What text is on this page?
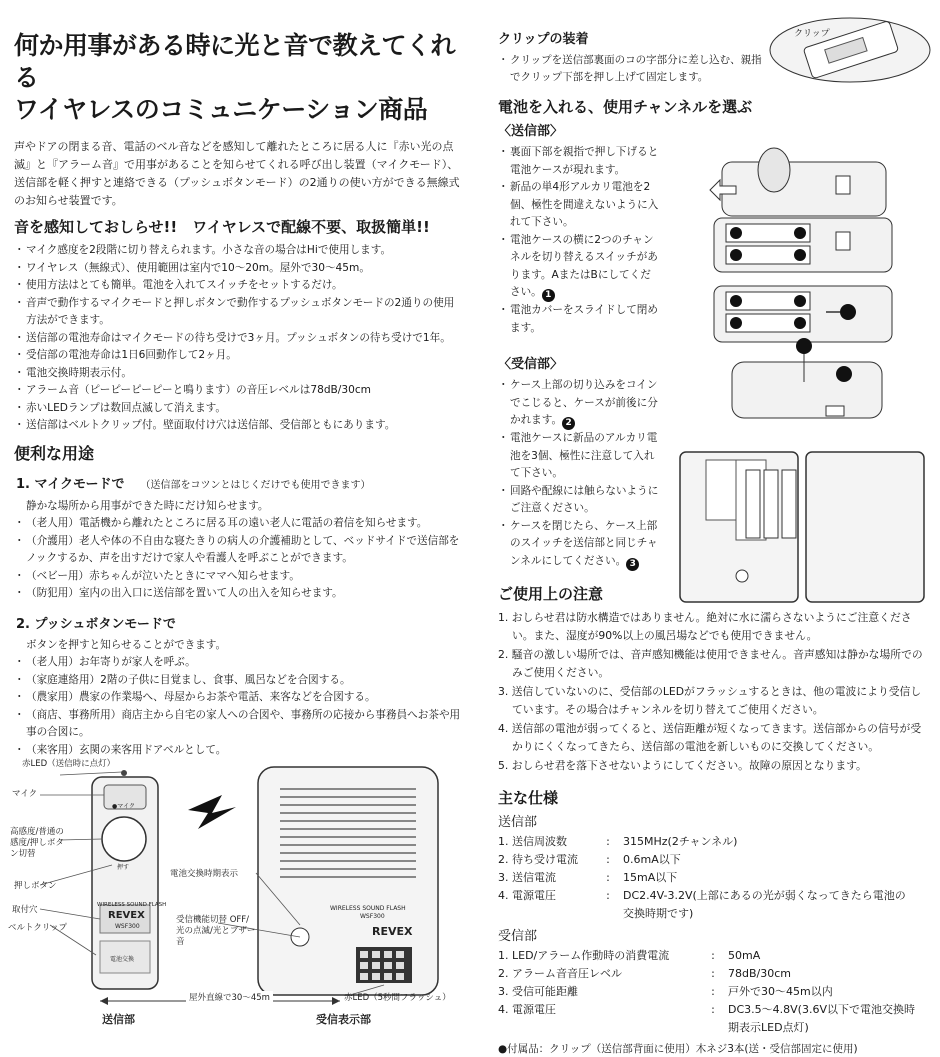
何か用事がある時に光と音で教えてくれる
ワイヤレスのコミュニケーション商品

声やドアの閉まる音、電話のベル音などを感知して離れたところに居る人に『赤い光の点滅』と『アラーム音』で用事があることを知らせてくれる呼び出し装置（マイクモード）、送信部を軽く押すと連絡できる（プッシュボタンモード）の2通りの使い方ができる無線式のお知らせ装置です。

音を感知しておしらせ!!　ワイヤレスで配線不要、取扱簡単!!
・ マイク感度を2段階に切り替えられます。小さな音の場合はHiで使用します。
・ ワイヤレス（無線式）、使用範囲は室内で10～20m。屋外で30～45m。
・ 使用方法はとても簡単。電池を入れてスイッチをセットするだけ。
・ 音声で動作するマイクモードと押しボタンで動作するプッシュボタンモードの2通りの使用方法ができます。
・ 送信部の電池寿命はマイクモードの待ち受けで3ヶ月。プッシュボタンの待ち受けで1年。
・ 受信部の電池寿命は1日6回動作して2ヶ月。
・ 電池交換時期表示付。
・ アラーム音（ピーピーピーピーと鳴ります）の音圧レベルは78dB/30cm
・ 赤いLEDランプは数回点滅して消えます。
・ 送信部はベルトクリップ付。壁面取付け穴は送信部、受信部ともにあります。
便利な用途
1. マイクモードで （送信部をコツンとはじくだけでも使用できます）

静かな場所から用事ができた時にだけ知らせます。

・ （老人用）電話機から離れたところに居る耳の遠い老人に電話の着信を知らせます。
・ （介護用）老人や体の不自由な寝たきりの病人の介護補助として、ベッドサイドで送信部をノックするか、声を出すだけで家人や看護人を呼ぶことができます。
・ （ベビー用）赤ちゃんが泣いたときにママへ知らせます。
・ （防犯用）室内の出入口に送信部を置いて人の出入を知らせます。
2. プッシュボタンモードで

ボタンを押すと知らせることができます。

・ （老人用）お年寄りが家人を呼ぶ。
・ （家庭連絡用）2階の子供に目覚まし、食事、風呂などを合図する。
・ （農家用）農家の作業場へ、母屋からお茶や電話、来客などを合図する。
・ （商店、事務所用）商店主から自宅の家人への合図や、事務所の応接から事務員へお茶や用事の合図に。
・ （来客用）玄関の来客用ドアベルとして。
赤LED（送信時に点灯）
マイク
高感度/普通の感度/押しボタン切替
押しボタン
取付穴
ベルトクリップ
●マイク
押す
WIRELESS SOUND FLASH
REVEX
WSF300
電池交換
電池交換時期表示
受信機能切替 OFF/光の点滅/光とブザー音
WIRELESS SOUND FLASH
WSF300
REVEX
屋外直線で30～45m	赤LED（5秒間フラッシュ）
送信部	受信表示部
クリップの装着
・ クリップを送信部裏面のコの字部分に差し込む、親指でクリップ下部を押し上げて固定します。
電池を入れる、使用チャンネルを選ぶ
〈送信部〉
・ 裏面下部を親指で押し下げると電池ケースが現れます。
・ 新品の単4形アルカリ電池を2個、極性を間違えないように入れて下さい。
・ 電池ケースの横に2つのチャンネルを切り替えるスイッチがあります。AまたはBにしてください。 1
・ 電池カバーをスライドして閉めます。
〈受信部〉
・ ケース上部の切り込みをコインでこじると、ケースが前後に分かれます。 2
・ 電池ケースに新品のアルカリ電池を3個、極性に注意して入れて下さい。
・ 回路や配線には触らないようにご注意ください。
・ ケースを閉じたら、ケース上部のスイッチを送信部と同じチャンネルにしてください。 3
ご使用上の注意
1. おしらせ君は防水構造ではありません。絶対に水に濡らさないようにご注意ください。また、湿度が90%以上の風呂場などでも使用できません。
2. 騒音の激しい場所では、音声感知機能は使用できません。音声感知は静かな場所でのみご使用ください。
3. 送信していないのに、受信部のLEDがフラッシュするときは、他の電波により受信しています。その場合はチャンネルを切り替えてご使用ください。
4. 送信部の電池が弱ってくると、送信距離が短くなってきます。送信部からの信号が受かりにくくなってきたら、送信部の電池を新しいものに交換してください。
5. おしらせ君を落下させないようにしてください。故障の原因となります。
主な仕様
送信部
1. 送信周波数	:	315MHz(2チャンネル)
2. 待ち受け電流	:	0.6mA以下
3. 送信電流	:	15mA以下
4. 電源電圧	:	DC2.4V-3.2V(上部にあるの光が弱くなってきたら電池の交換時期です)
受信部
1. LED/アラーム作動時の消費電流	:	50mA
2. アラーム音音圧レベル	:	78dB/30cm
3. 受信可能距離	:	戸外で30～45m以内
4. 電源電圧	:	DC3.5～4.8V(3.6V以下で電池交換時期表示LED点灯)
●付属品：クリップ（送信部背面に使用）木ネジ3本(送・受信部固定に使用)
クリップ
